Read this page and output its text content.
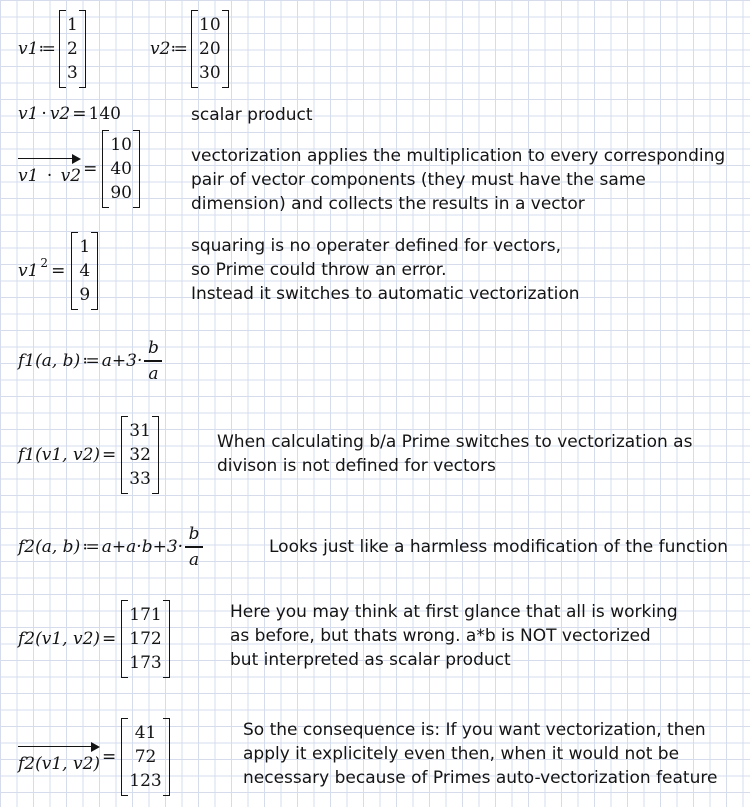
v1 ≔
1
2
3
v2 ≔
10
20
30
v1 · v2 = 140	scalar product
v1 · v2 =
10
40
90
vectorization applies the multiplication to every corresponding
pair of vector components (they must have the same
dimension) and collects the results in a vector
$v1^2$ =
1
4
9
squaring is no operater defined for vectors,
so Prime could throw an error.
Instead it switches to automatic vectorization
f1(a, b) ≔ $a+3\cdot \frac{b}{a}$
f1(v1, v2) =
31
32
33
When calculating b/a Prime switches to vectorization as
divison is not defined for vectors
f2(a, b) ≔ $a+a\cdot b+3\cdot \frac{b}{a}$	Looks just like a harmless modification of the function
f2(v1, v2) =
171
172
173
Here you may think at first glance that all is working
as before, but thats wrong. a*b is NOT vectorized
but interpreted as scalar product
f2(v1, v2) =
41
72
123
So the consequence is: If you want vectorization, then
apply it explicitely even then, when it would not be
necessary because of Primes auto-vectorization feature
